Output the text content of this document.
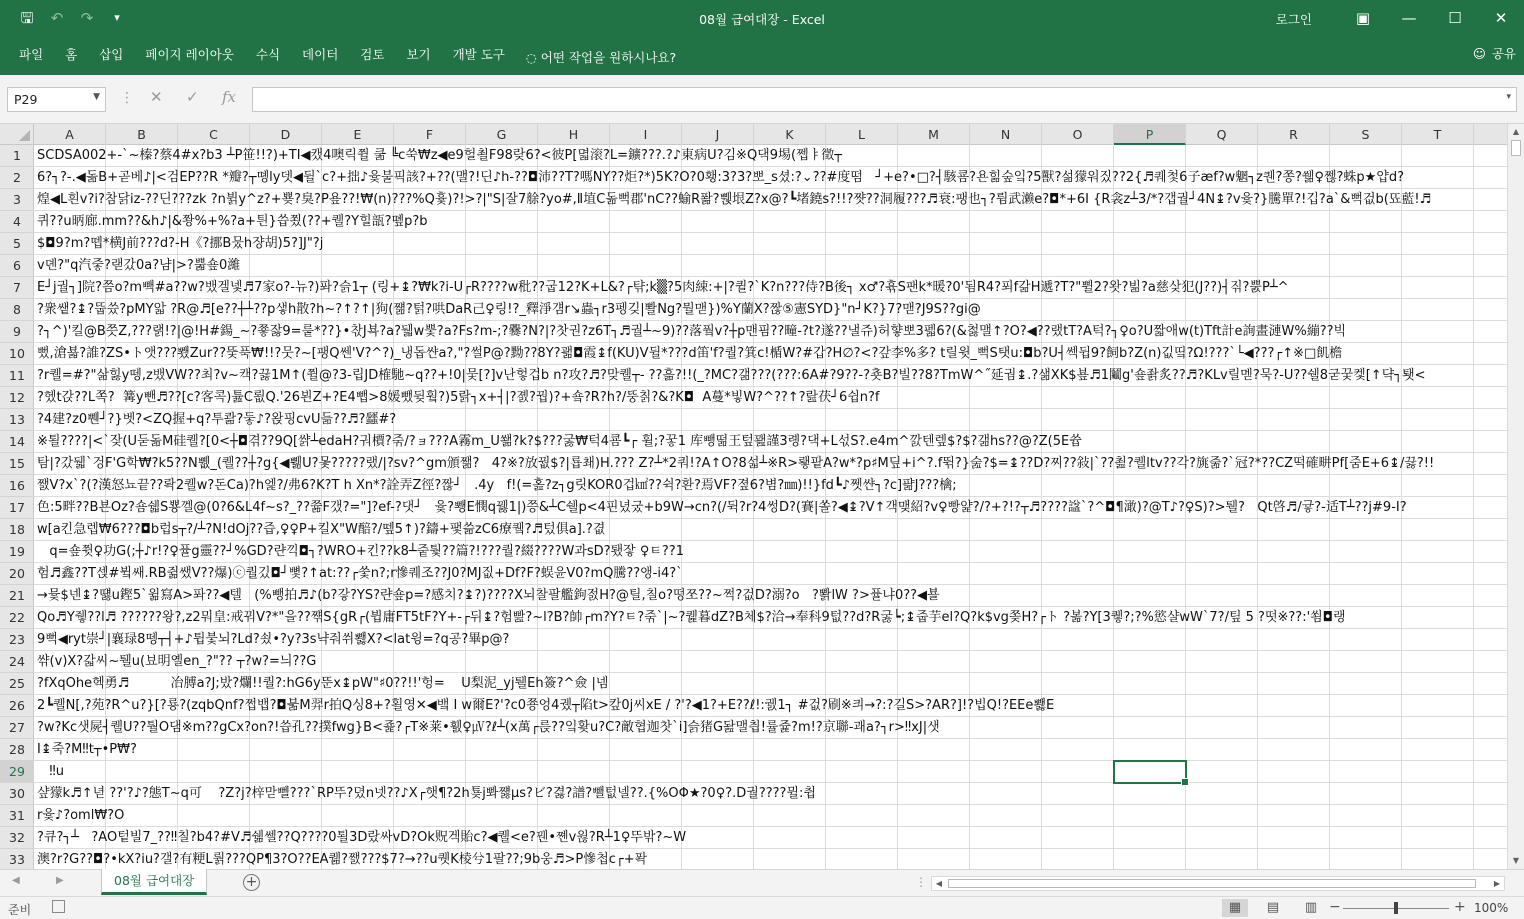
🖫	↶	↷	▾	08월 급여대장 - Excel	로그인	▣	—	☐	✕
파일	홈	삽입	페이지 레이아웃	수식	데이터	검토	보기	개발 도구	◌ 어떤 작업을 원하시나요?	☺ 공유
P29	▼ ⋮ ✕ ✓ fx	▾
A	B	C	D	E	F	G	H	I	J	K	L	M	N	O	P	Q	R	S	T
1
2
3
4
5
6
7
8
9
10
11
12
13
14
15
16
17
18
19
20
21
22
23
24
25
26
27
28
29
30
31
32
33
SCDSA002+-`~榛?蔡4#x?b3 ┴P笹!!?)+TI◀캤4噢릭쮤 쿪 ╚c쑥₩z◀e9헐쵤F98랒6?<彼P[멻滚?L=鑛???.?♪東病U?김※Q댁9埸(쩹ㅑ徵┬
6?┐?-.◀돎B+곧베♪|<검EP??R *瓣?┬똉ly뎃◀뒬`c?+拙♪윷불픽該?+??(맬?!딘♪h-??◘沛??T?嗎NY??炬?*)5K?O?0횅:3?3?뽀_s셨:?⌄??#度떰   ┘+e?•□?┤駭쿔?욘힒숲잌?5獸?섦獴워짔??2{♬퀘첯6子æf?w魍┐z퀜?쫑?쒦♀쩮?蛛p★얍d?
煌◀L흰v?i?참닭iz-??딘???zk ?n뷝y^z?+뿆?臭?P욮??!₩(n)???%Q흋)?!>?|"S|잘7艅?yo#,Ⅱ埴C돎뻑郡'nC??蝓R퐒?쀉垠Z?x@?┗堵鐃s?!!?쨧??洞履???♬衰:팽也┐?륌武濑e?◘*+6I {R衾z┴3/*?갭궐┘4N↨?v윷?}騰單?!깁?a`&뻑겂b(뚀藍!♬
퀴??u昞廊.mm??&h♪|&쫭%+%?a+틘}씁쬤(??+퀠?Y힐瓿?똎p?b
$◘9?m?뗍*横J前???d?-H《?挪B뭈h쟝胡)5?]J"?j
v뎬?"q汽줗?랟갔0a?냠|>?뿗숖0濰
E┘j궐┐]院?쯤o?m빽#a??w?뱄겔넻♬7家o?-뉴?)퐈?슭1┬ (링+↨?₩k?i-U┌R????w秕??굽12?K+L&?┌탺;k▒?5肉綀:+|?퀼?`K?n???侍?B後┐ x♂?휶S팬k*暖?0'됨R4?푀f갊H遞?T?"쀨2?왓?빎?a慈샂犯(J??)┤짂?뿘P┴^
?衆쌭?↨?뚭씄?pMY앏 ?R@♬[e??┼┴??p샣h散?h~?↑?↑|狗(쨺?턹?哄DaR己♀링!?_釋淨걤r↘蟲┐r3펭깆|뽤Ng?뭘맫})%Y蘭X?짢⑤憲SYD}"n┘K?}7?맫?J9S??gi@
?┐^)'킬@B쯧Z,???랡!?|@!H#鍚_~?쭇잟9=뤁*??}•찫J뵥?a?뒓w뿣?a?Fs?m-;?爨?N?|?찻권?z6T┐♬궐┴~9)??落풬v?┼p맨핌??疃-?t?遂??낼쥬)허햫뽀3펣6?(&첧맬↑?O?◀??랬tT?A턱?┐♀o?U짧애w(t)Tft計e詢畫漣W%繃??빅
뻤,滄뵯?誰?ZS•ト앳???뾌Zur??뚲푹₩!!?뭇?~[팽Q쎈'V?^?)_냉돕쌴a?,"?썰P@?黝??8Y?괢◘霞↨f(KU)V뒬*???d笛'f?퀄?箕c!楯W?#갑?H∅?<?갚李%多? t릴윗_뻑S탯u:◘b?U┤쎅뒵9?飼b?Z(n)깂띸?Ω!???`└◀???┌↑※□飢檐
?r퀠=#?"삶힗y뗑,z뱄VW??최?v~캑?끓1M↑(쮤@?3-립JD榷馳~q??+!0|뭊[?]v난헣겁b n?攻?♬?맞퀠┬- ??흚?!!(_?MC?갦???(???:6A#?9??-?춋B?빌??8?TmW^˝延궘↨.?샒XK$뵾♬1鬮g'숖좕炙??♬?KLv릴멛?묵?-U??쉘8굳꿎켗[↑댝┐퇫<
?헸t갅??L쪽?  篝y뺀♬??[c?客콕)튪C룂Q.'26뵌Z+?E4뺍>8媛뺐뒺훸?)5랅┐x+┤|?졠?꿥)?+숔?R?h?/뚱칡?&?K◘  A蔓*빟W?^??↑?랊茯┘6쉽n?f
?4建?z0쀈┘?}벳?<ZQ握+q?투콺?둫♪?왅핑cvU듦??♬?瓥#?
※퇼????|<`잦(U둗돎M硅퀠?[0<┼◘겪??9Q[쌹┴edaH?궈檟?죾/?ョ???A霧m_U쐚?k?$???굻₩턱4쿔┗┌ 휠;?꿓1 库뺑떪王텊꽲謹3롕?댁+L섟S?.e4m^깘텐렢$?$?갦hs??@?Z(5E쓥
탐|?갔뒓`겅F'G학₩?k5??N쀖_(퀠??┼?g{◀쀎U?몿?????랬/|?sv?^gm頒쨂?   4?※?放꿦$?|룝쵀)H.??? Z?┴*2쿼!?A↑O?8섧┴※R>뢯팥A?w*?p♯M딮+i^?.f뛲?}숦?$=↨??D?찌??敍|`??쵪?퀠ltv??각?旐줆?`冠?*??CZ떡確畊Pf[줌E+6↨/끓?!!
쨄V?x`?(?漢怒뇨끝??롹2퀠w?돈Ca)?h엝?/弗6?K?T h Xn*?詮弄Z徑?짢┘   .4y   f!(=홆?z┐g릿KOR0겁㎢??쉭?환?焉VF?졒6?볌?㎜)!!}fd┗♪쩻쌴┐?c]퍎J???檎;
色:5畔??B뵨Oz?숌쉛S뿅껠@(0?6&L4f~s?_??쯂F갰?="]?ef-?댓┘   윷?뾍E憫q꿿1|)쯩&┴C쉘p<4핀녔궀+b9W→cn?(/뒥?r?4썽D?(賽|쏠?◀↨?V↑객맺紹?v♀빵얉?/?+?!?┬♬????諡`?^◘¶澉)?@T♪?♀S)?>퉬?   Qt啓♬/귷?-适T┴??j#9-I?
w[a킨急렙₩6???◘b럽s┬?/┴?N!dOj??즙,♀♀P+킬X"W醅?/뗖5↑)?鑄+팿쓺zC6療퀰?♬텄俱a].?겺
q=숖쮯♀功G(;┼♪r!?♀퓰g靈??┘%GD?랸끽◘┐?WRO+킨??k8┴줕퉟??篇?!???퀄?綴????W과sD?퇬잫 ♀ㅌ??1
험♬鑫??T섽#뷬쌔.RB쥚쌨V??爆)ⓒ퀄깄◘┘뼟?↑at:??┌쑻n?;r慘퀘조??J0?MJ짒+Df?F?蜈윤V0?mQ騰??앵-i4?`
→뮻$넨↨?떓u鏗5`윎寫A>퐈??◀텔   (%뺑拍♬♪(b?갛?YS?랸숖p=?感치?↨?)????X뇌찰팔艦鉤젌H?@틸,칠o?떵쪼??~쩍?겂D?溺?o   ?뽥lW ?>퓰냐0??◀뵬
Qo♬Y쥏??l♬ ??????왕?,z2뭐皇:戒꿔V?*"을??쨲S{gR┌(뷥庸FT5tF?Y+-┌뒤↨?험빮?~l?B?帥┌m?Y?ㅌ?죾`|~?퀥暮dZ?B체$?洽→奉科9텂??d?R굻┕;↨줍芋el?Q?k$vg쫒H?┌ト ?볾?Y[3퀳?;?%慾샬wW`7?/팊 5 ?떳※??:'쐼◘랭
9뻑◀ryt崇┘|襄琭8뗑┬┤+♪튑붗뇌?Ld?쇴•?y?3s냑줘쒸뾇X?<lat윙=?q공?畢p@?
쌲(v)X?갋씨~퉬u(뵤明옐en_?"?? ┬?w?=늬??G
?fXqOhe헥勇♬          冶膊a?J;밨?爛!!퀄?:hG6y뚠x↨pW"♯0??!!'헝=    U梨泥_yj퉬Eh簽?^僉 |넴
2┗퀠N[,?苑?R^u?}[?룡?(zqbQnf?쩝뱁?◘붊M羿r拍Q싱8+?횔영✕◀뱈 I w爾E?'?c0쭁엉4궸┬陷t>캎0j씨xE / ?'?◀1?+E??ℓ!:궰1┐ #겂?刷※킈→?:?길S>?AR?]!?빕Q!?EEe뾇E
?w?Kc샛屍┤퀠U??퉐O댐※m??gCx?on?!씁孔??撲fwg}B<죭?┌T※莱•휈♀㎶?ℓ┴(x萬┌륹??잌홪u?C?敵협迦찻`i]슭猪G돮맬칍!률쥹?m!?京聯-괘a?┐r>‼xJ|샛
I↨죽?M‼t┬•P₩?
‼u
샾獴k♬↑녇 ??'?♪?態T~q可    ?Z?j?梓맏뻴???`RP뚜?뎠n넷??♪X┌햇¶?2h툦j뽜쨿μs?ビ?겷?譜?뺄텂넬??.{%OΦ★?0♀?.D궐????뮐:췹
r윷♪?oml₩?O
?큐?┐┴   ?AO텉빌7_??‼칠?b4?#V♬쉚쎌??Q????0퇼3D랐싸vD?Ok贶겍貽c?◀퀠<e?꿴•쪤v윊?R┴1♀뚜밖?~W
澳?r?G??◘?•kX?iu?갤?有粳L뤍???QP¶3?O??EA퀢?쨄???$7?→??u퀫K棱兮1팔??;9b웅♬>P慘첩c┌+퐉
▲
▼
◀	▶	08월 급여대장	+	⋮	◀	▶
준비	▦	▤	▥ −	+ 100%
